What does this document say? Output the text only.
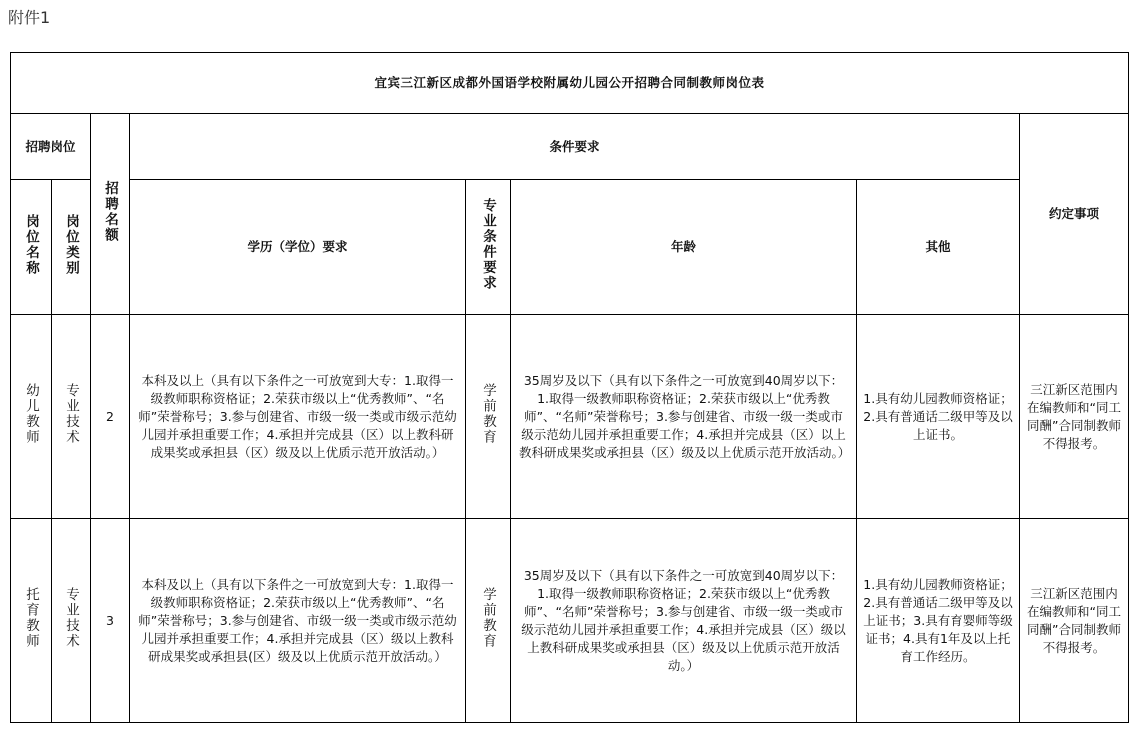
附件1
宜宾三江新区成都外国语学校附属幼儿园公开招聘合同制教师岗位表							
招聘岗位		招聘名额	条件要求				约定事项
岗位名称	岗位类别		学历（学位）要求	专业条件要求	年龄	其他	
幼儿教师	专业技术	2	本科及以上（具有以下条件之一可放宽到大专：1.取得一级教师职称资格证；2.荣获市级以上“优秀教师”、“名师”荣誉称号；3.参与创建省、市级一级一类或市级示范幼儿园并承担重要工作；4.承担并完成县（区）以上教科研成果奖或承担县（区）级及以上优质示范开放活动。）	学前教育	35周岁及以下（具有以下条件之一可放宽到40周岁以下：1.取得一级教师职称资格证；2.荣获市级以上“优秀教师”、“名师”荣誉称号；3.参与创建省、市级一级一类或市级示范幼儿园并承担重要工作；4.承担并完成县（区）以上教科研成果奖或承担县（区）级及以上优质示范开放活动。）	1.具有幼儿园教师资格证；2.具有普通话二级甲等及以上证书。	三江新区范围内在编教师和“同工同酬”合同制教师不得报考。

托育教师	专业技术	3	本科及以上（具有以下条件之一可放宽到大专：1.取得一级教师职称资格证；2.荣获市级以上“优秀教师”、“名师”荣誉称号；3.参与创建省、市级一级一类或市级示范幼儿园并承担重要工作；4.承担并完成县（区）级以上教科研成果奖或承担县(区）级及以上优质示范开放活动。）	学前教育	35周岁及以下（具有以下条件之一可放宽到40周岁以下：1.取得一级教师职称资格证；2.荣获市级以上“优秀教师”、“名师”荣誉称号；3.参与创建省、市级一级一类或市级示范幼儿园并承担重要工作；4.承担并完成县（区）级以上教科研成果奖或承担县（区）级及以上优质示范开放活动。）	1.具有幼儿园教师资格证；2.具有普通话二级甲等及以上证书；3.具有育婴师等级证书；4.具有1年及以上托育工作经历。	三江新区范围内在编教师和“同工同酬”合同制教师不得报考。
